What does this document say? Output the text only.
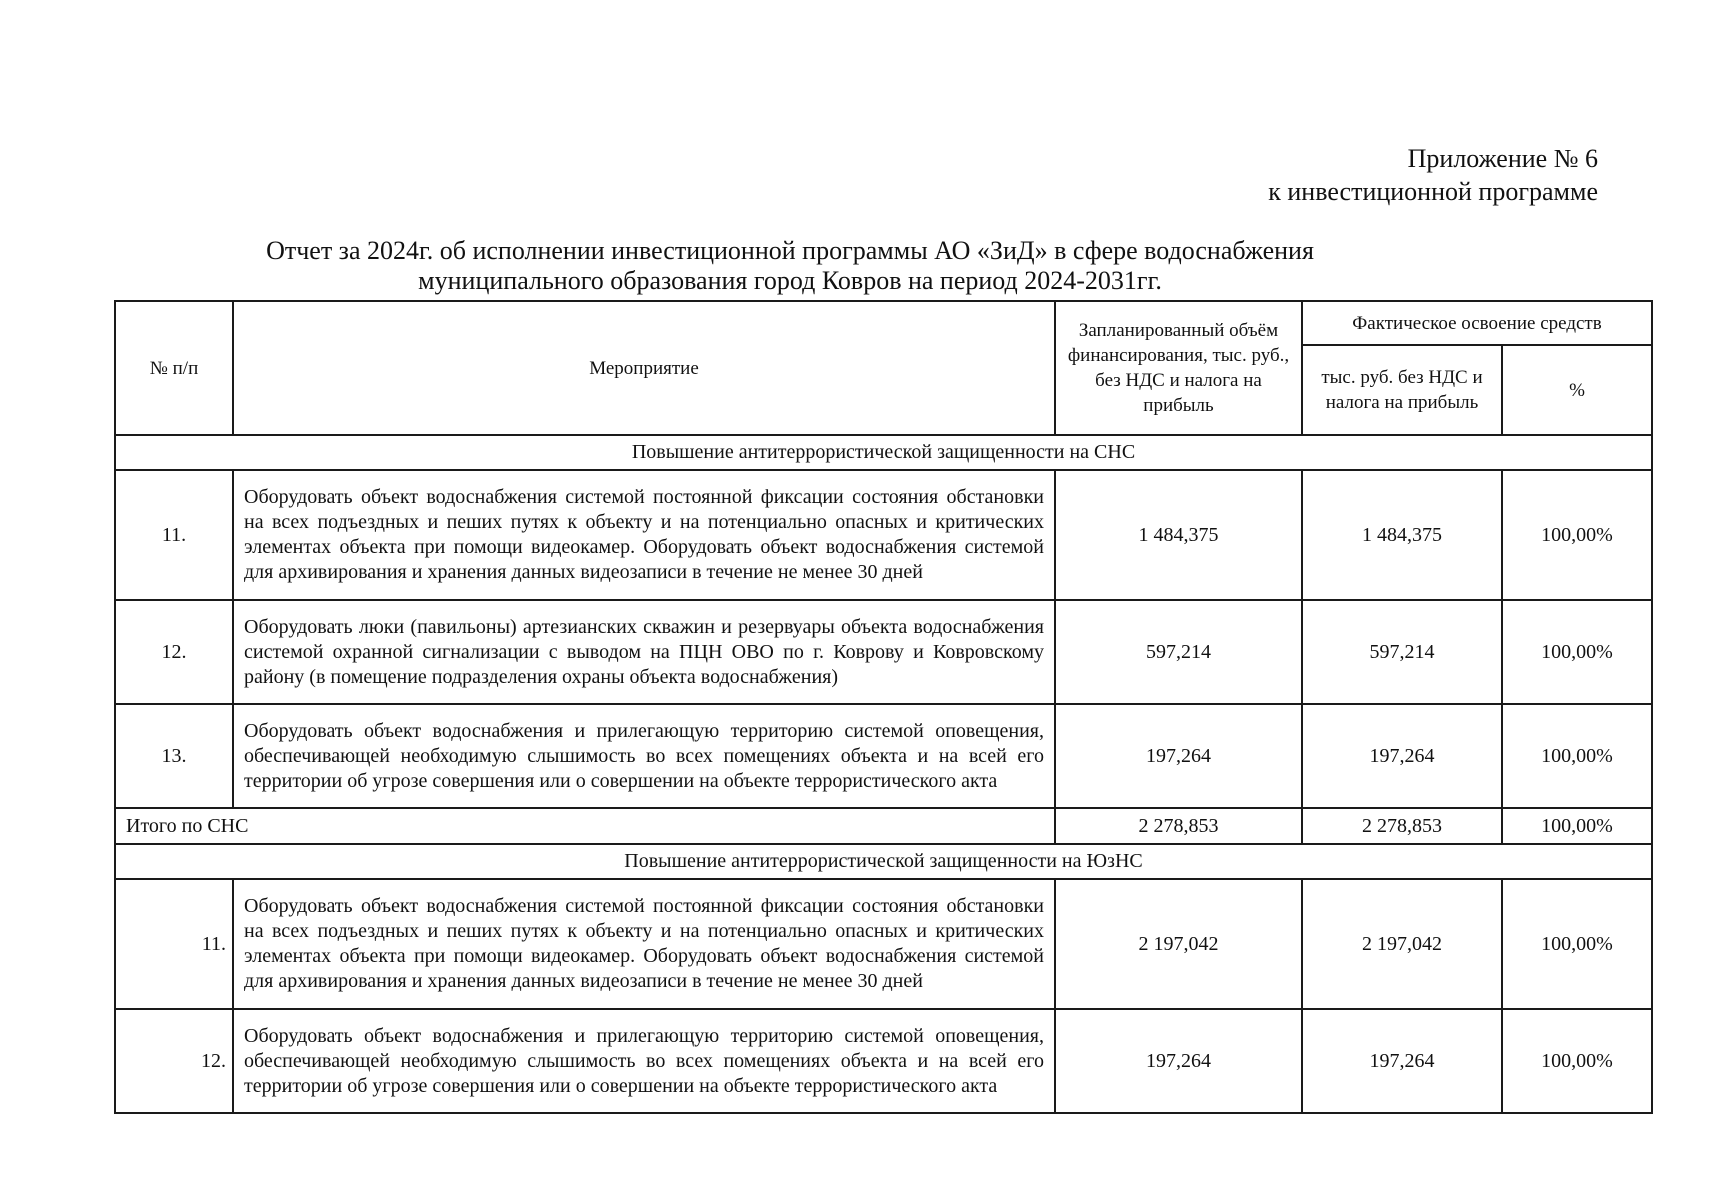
Приложение № 6
к инвестиционной программе
Отчет за 2024г. об исполнении инвестиционной программы АО «ЗиД» в сфере водоснабжения
муниципального образования город Ковров на период 2024-2031гг.
№ п/п	Мероприятие	Запланированный объём финансирования, тыс. руб., без НДС и налога на прибыль	Фактическое освоение средств	
			тыс. руб. без НДС и налога на прибыль	%
Повышение антитеррористической защищенности на СНС				
11.	Оборудовать объект водоснабжения системой постоянной фиксации состояния обстановки на всех подъездных и пеших путях к объекту и на потенциально опасных и критических элементах объекта при помощи видеокамер. Оборудовать объект водоснабжения системой для архивирования и хранения данных видеозаписи в течение не менее 30 дней	1 484,375	1 484,375	100,00%
12.	Оборудовать люки (павильоны) артезианских скважин и резервуары объекта водоснабжения системой охранной сигнализации с выводом на ПЦН ОВО по г. Коврову и Ковровскому району (в помещение подразделения охраны объекта водоснабжения)	597,214	597,214	100,00%
13.	Оборудовать объект водоснабжения и прилегающую территорию системой оповещения, обеспечивающей необходимую слышимость во всех помещениях объекта и на всей его территории об угрозе совершения или о совершении на объекте террористического акта	197,264	197,264	100,00%
Итого по СНС		2 278,853	2 278,853	100,00%
Повышение антитеррористической защищенности на ЮзНС				
11.	Оборудовать объект водоснабжения системой постоянной фиксации состояния обстановки на всех подъездных и пеших путях к объекту и на потенциально опасных и критических элементах объекта при помощи видеокамер. Оборудовать объект водоснабжения системой для архивирования и хранения данных видеозаписи в течение не менее 30 дней	2 197,042	2 197,042	100,00%
12.	Оборудовать объект водоснабжения и прилегающую территорию системой оповещения, обеспечивающей необходимую слышимость во всех помещениях объекта и на всей его территории об угрозе совершения или о совершении на объекте террористического акта	197,264	197,264	100,00%
